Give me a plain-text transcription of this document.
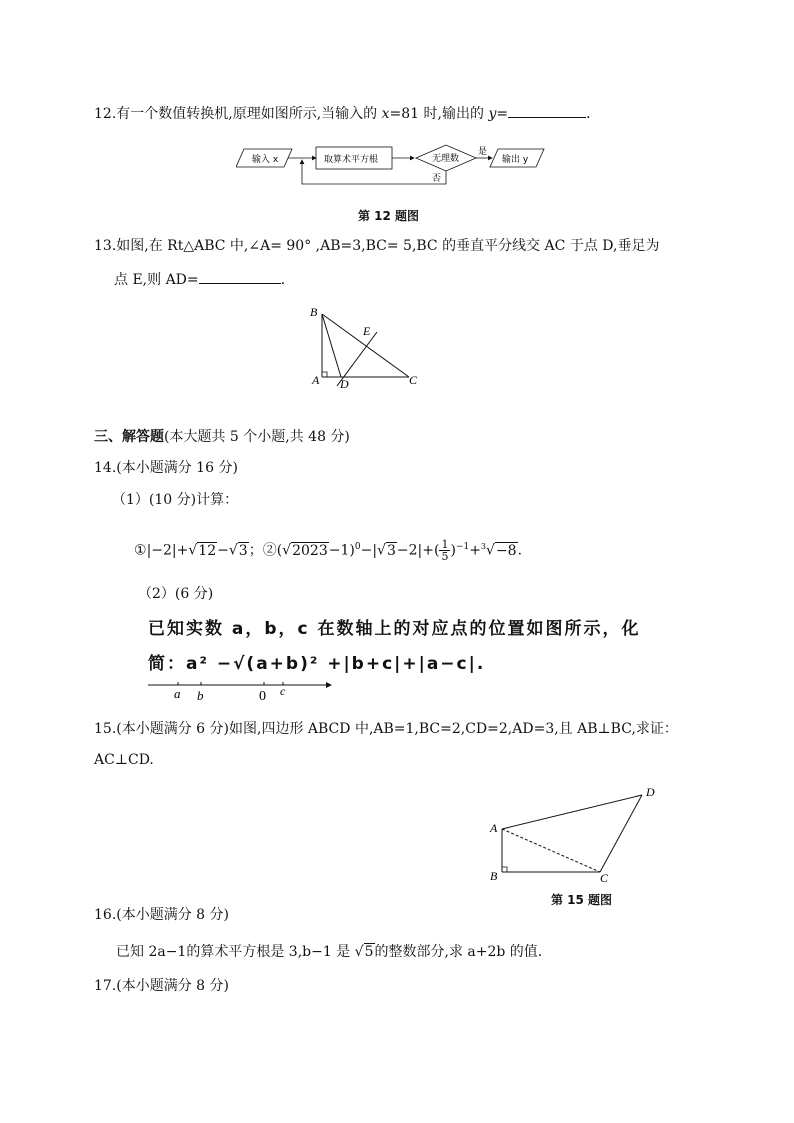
12.有一个数值转换机,原理如图所示,当输入的 x=81 时,输出的 y=	.
输入 x	取算术平方根	无理数
是
否
输出 y
第 12 题图
13.如图,在 Rt△ABC 中,∠A= 90° ,AB=3,BC= 5,BC 的垂直平分线交 AC 于点 D,垂足为
点 E,则 AD=	.
B
E
A D	C
三、解答题(本大题共 5 个小题,共 48 分)
14.(本小题满分 16 分)
（1）(10 分)计算：
①|−2|+√12−√3；$②(√2023-1)^0-|√3-2|+( \frac{1}{5} )^{-1}+^3√-8$.
（2）(6 分)
已知实数 a，b，c 在数轴上的对应点的位置如图所示，化
简：a² −√(a+b)² +|b+c|+|a−c|.
a b	0 c
15.(本小题满分 6 分)如图,四边形 ABCD 中,AB=1,BC=2,CD=2,AD=3,且 AB⊥BC,求证：
AC⊥CD.
A
B	C
D
第 15 题图
16.(本小题满分 8 分)
已知 2a−1的算术平方根是 3,b−1 是 √5的整数部分,求 a+2b 的值.
17.(本小题满分 8 分)
